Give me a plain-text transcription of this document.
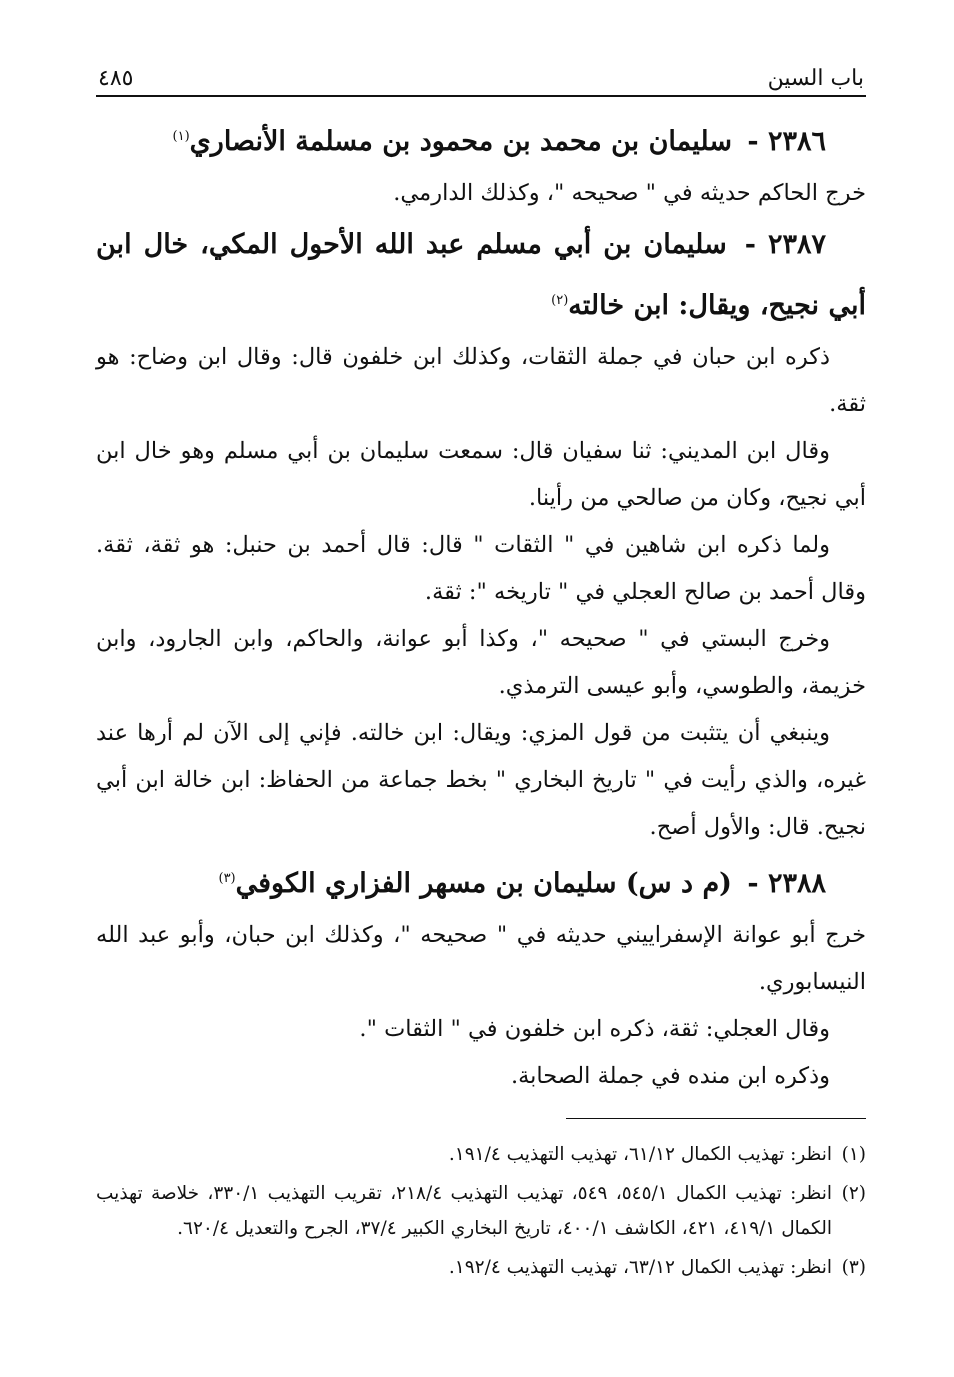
باب السين
٤٨٥

٢٣٨٦ - سليمان بن محمد بن محمود بن مسلمة الأنصاري$^{(١)}$

خرج الحاكم حديثه في " صحيحه "، وكذلك الدارمي.

٢٣٨٧ - سليمان بن أبي مسلم عبد الله الأحول المكي، خال ابن أبي نجيح، ويقال: ابن خالته$^{(٢)}$

ذكره ابن حبان في جملة الثقات، وكذلك ابن خلفون قال: وقال ابن وضاح: هو ثقة.

وقال ابن المديني: ثنا سفيان قال: سمعت سليمان بن أبي مسلم وهو خال ابن أبي نجيح، وكان من صالحي من رأينا.

ولما ذكره ابن شاهين في " الثقات " قال: قال أحمد بن حنبل: هو ثقة، ثقة. وقال أحمد بن صالح العجلي في " تاريخه ": ثقة.

وخرج البستي في " صحيحه "، وكذا أبو عوانة، والحاكم، وابن الجارود، وابن خزيمة، والطوسي، وأبو عيسى الترمذي.

وينبغي أن يتثبت من قول المزي: ويقال: ابن خالته. فإني إلى الآن لم أرها عند غيره، والذي رأيت في " تاريخ البخاري " بخط جماعة من الحفاظ: ابن خالة ابن أبي نجيح. قال: والأول أصح.

٢٣٨٨ - (م د س) سليمان بن مسهر الفزاري الكوفي$^{(٣)}$

خرج أبو عوانة الإسفراييني حديثه في " صحيحه "، وكذلك ابن حبان، وأبو عبد الله النيسابوري.

وقال العجلي: ثقة، ذكره ابن خلفون في " الثقات ".

وذكره ابن منده في جملة الصحابة.

(١)انظر: تهذيب الكمال ٦١/١٢، تهذيب التهذيب ١٩١/٤.

(٢)انظر: تهذيب الكمال ٥٤٥/١، ٥٤٩، تهذيب التهذيب ٢١٨/٤، تقريب التهذيب ٣٣٠/١، خلاصة تهذيب الكمال ٤١٩/١، ٤٢١، الكاشف ٤٠٠/١، تاريخ البخاري الكبير ٣٧/٤، الجرح والتعديل ٦٢٠/٤.

(٣)انظر: تهذيب الكمال ٦٣/١٢، تهذيب التهذيب ١٩٢/٤.
